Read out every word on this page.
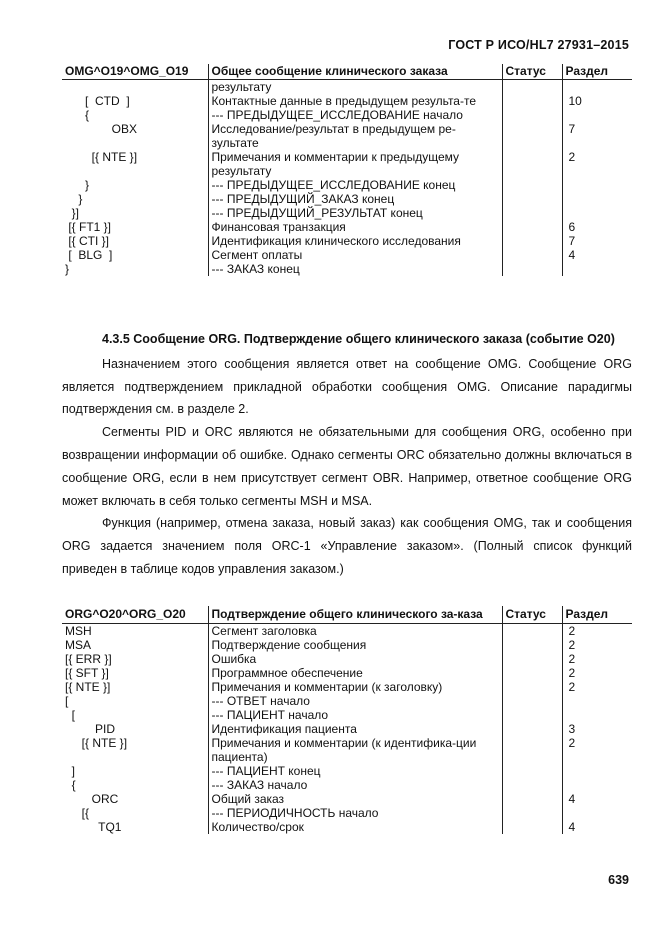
ГОСТ Р ИСО/HL7 27931–2015
OMG^O19^OMG_O19	Общее сообщение клинического заказа	Статус	Раздел
	результату		
[  CTD  ]	Контактные данные в предыдущем результа-те		10
{	--- ПРЕДЫДУЩЕЕ_ИССЛЕДОВАНИЕ начало		
OBX	Исследование/результат в предыдущем ре-зультате		7
[{ NTE }]	Примечания и комментарии к предыдущему результату		2
}	--- ПРЕДЫДУЩЕЕ_ИССЛЕДОВАНИЕ конец		
}	--- ПРЕДЫДУЩИЙ_ЗАКАЗ конец		
}]	--- ПРЕДЫДУЩИЙ_РЕЗУЛЬТАТ конец		
[{ FT1 }]	Финансовая транзакция		6
[{ CTI }]	Идентификация клинического исследования		7
[  BLG  ]	Сегмент оплаты		4
}	--- ЗАКАЗ конец		
4.3.5 Сообщение ORG. Подтверждение общего клинического заказа (событие O20)

Назначением этого сообщения является ответ на сообщение OMG. Сообщение ORG является подтверждением прикладной обработки сообщения OMG. Описание парадигмы подтверждения см. в разделе 2.

Сегменты PID и ORC являются не обязательными для сообщения ORG, особенно при возвращении информации об ошибке. Однако сегменты ORC обязательно должны включаться в сообщение ORG, если в нем присутствует сегмент OBR. Например, ответное сообщение ORG может включать в себя только сегменты MSH и MSA.

Функция (например, отмена заказа, новый заказ) как сообщения OMG, так и сообщения ORG задается значением поля ORC-1 «Управление заказом». (Полный список функций приведен в таблице кодов управления заказом.)

ORG^O20^ORG_O20	Подтверждение общего клинического за-каза	Статус	Раздел
MSH	Сегмент заголовка		2
MSA	Подтверждение сообщения		2
[{ ERR }]	Ошибка		2
[{ SFT }]	Программное обеспечение		2
[{ NTE }]	Примечания и комментарии (к заголовку)		2
[	--- ОТВЕТ начало		
[	--- ПАЦИЕНТ начало		
PID	Идентификация пациента		3
[{ NTE }]	Примечания и комментарии (к идентифика-ции пациента)		2
]	--- ПАЦИЕНТ конец		
{	--- ЗАКАЗ начало		
ORC	Общий заказ		4
[{	--- ПЕРИОДИЧНОСТЬ начало		
TQ1	Количество/срок		4
639
